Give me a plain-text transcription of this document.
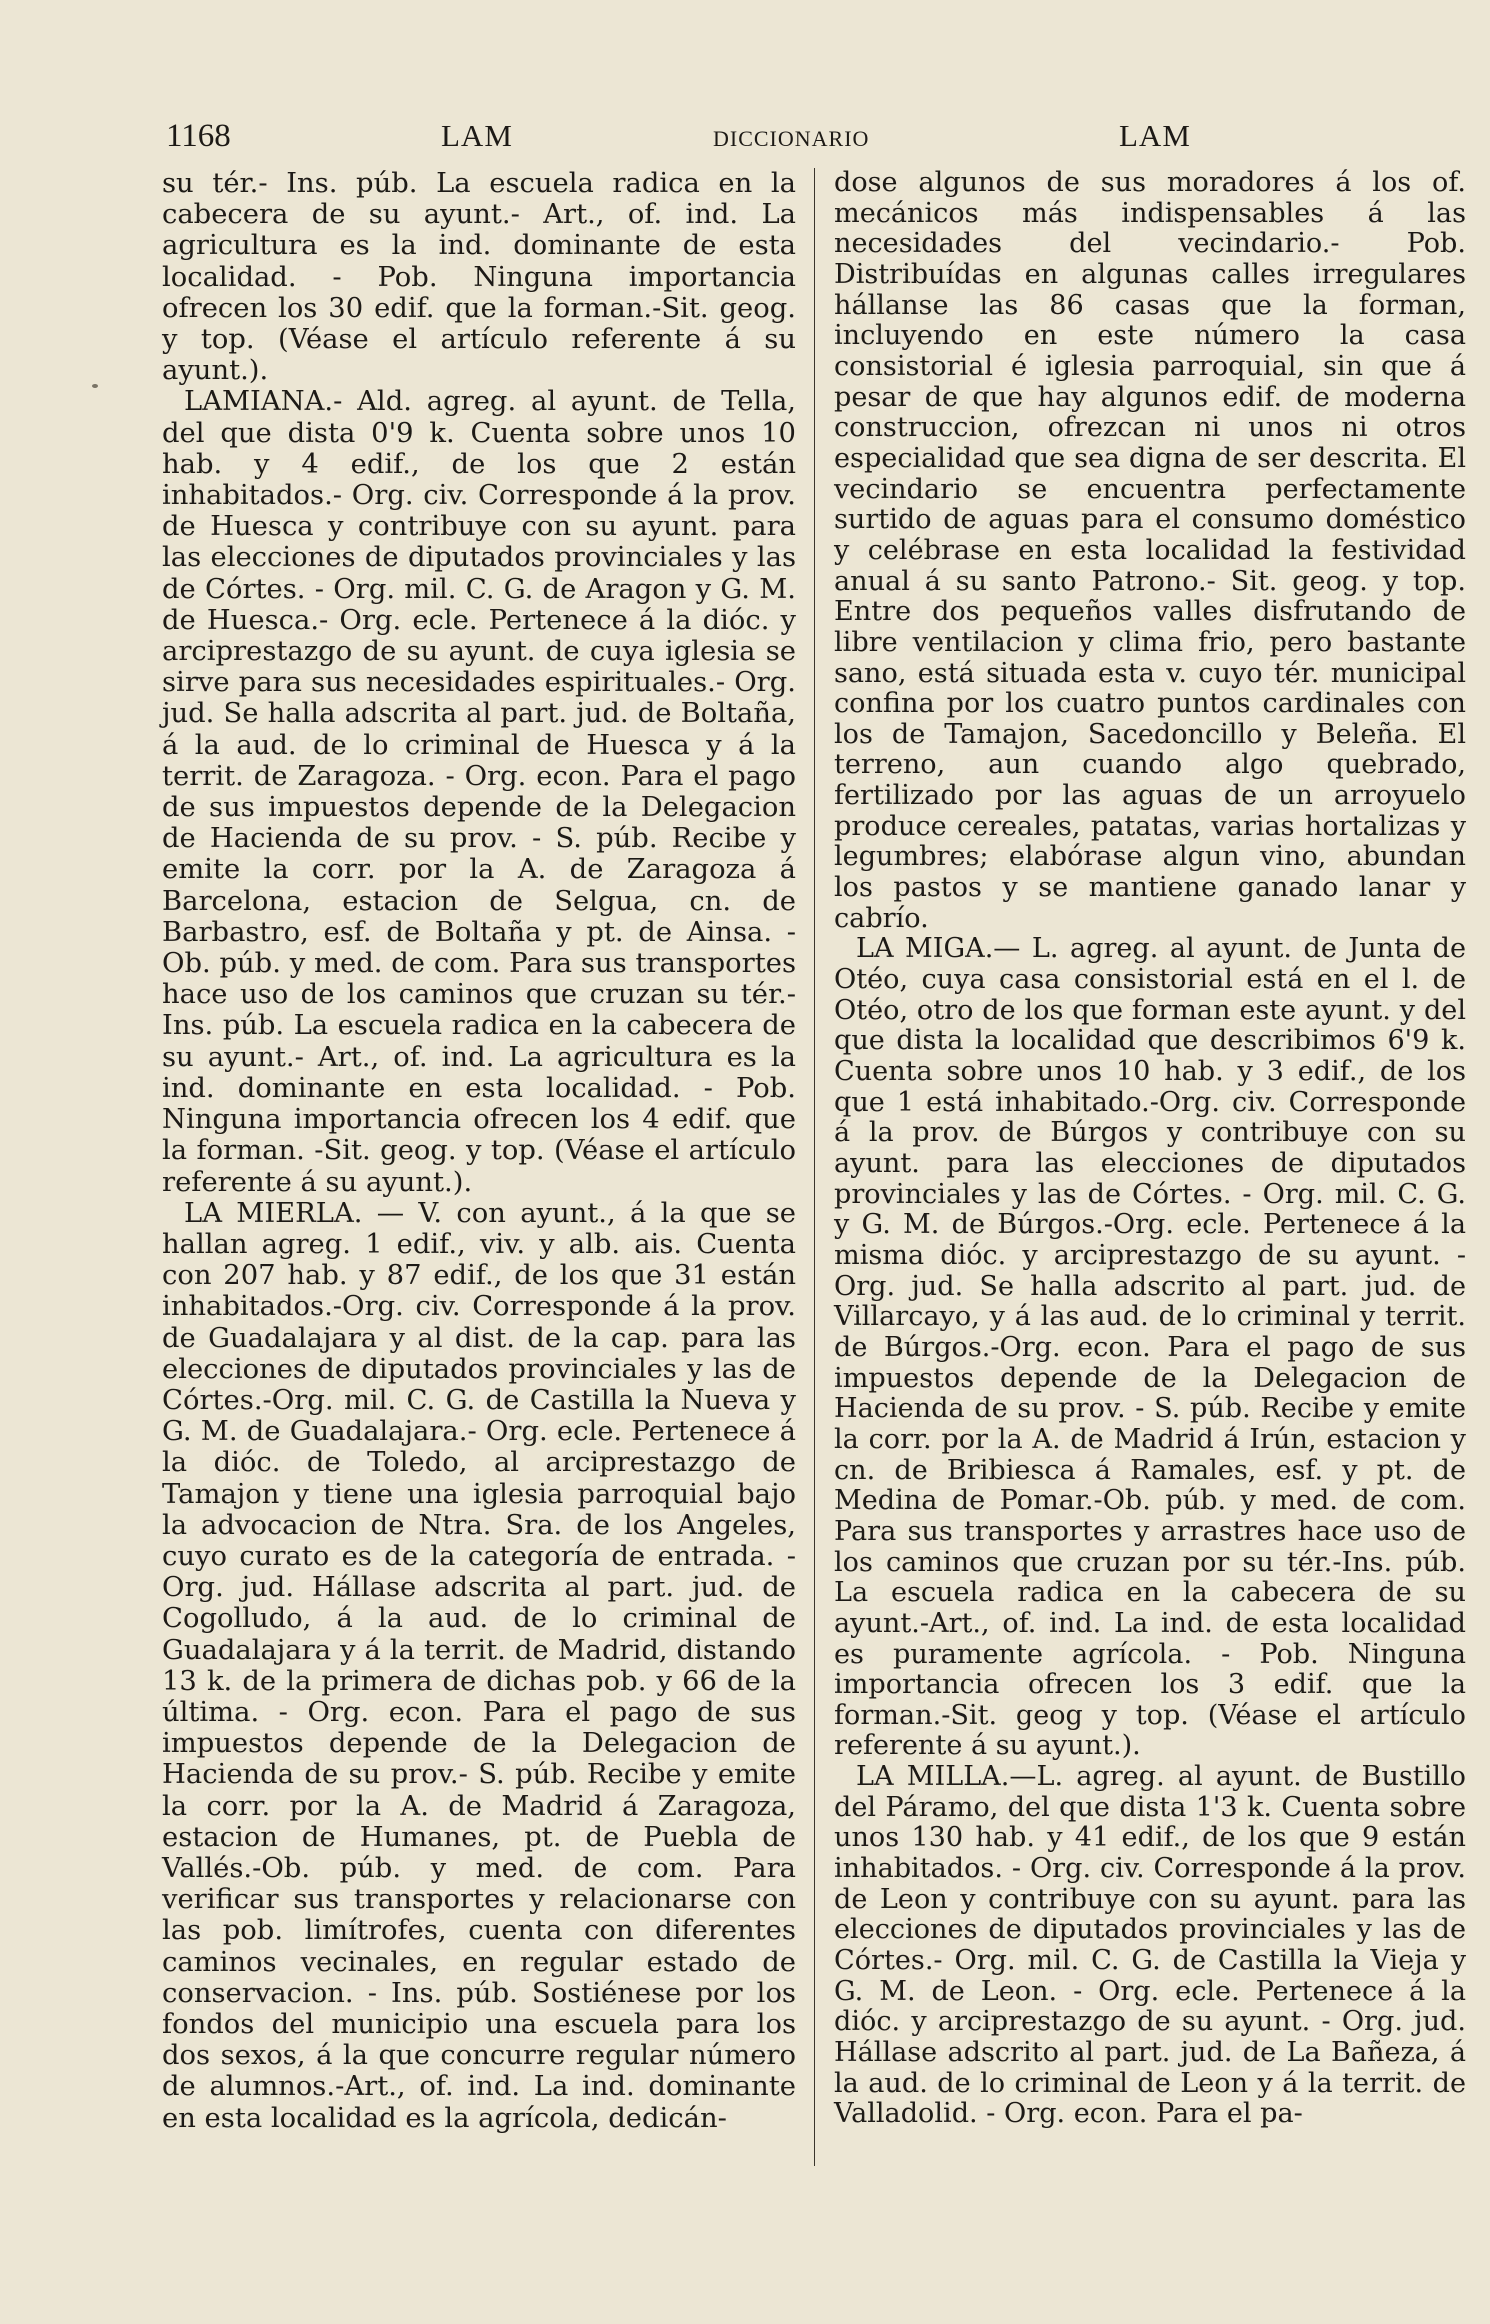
1168	LAM	DICCIONARIO	LAM

su tér.- Ins. púb. La escuela radica en la cabecera de su ayunt.- Art., of. ind. La agricultura es la ind. dominante de esta localidad. - Pob. Ninguna importancia ofrecen los 30 edif. que la forman.-Sit. geog. y top. (Véase el artículo referente á su ayunt.).

LAMIANA.- Ald. agreg. al ayunt. de Tella, del que dista 0'9 k. Cuenta sobre unos 10 hab. y 4 edif., de los que 2 están inhabitados.- Org. civ. Corresponde á la prov. de Huesca y contribuye con su ayunt. para las elecciones de diputados provinciales y las de Córtes. - Org. mil. C. G. de Aragon y G. M. de Huesca.- Org. ecle. Pertenece á la dióc. y arciprestazgo de su ayunt. de cuya iglesia se sirve para sus necesidades espirituales.- Org. jud. Se halla adscrita al part. jud. de Boltaña, á la aud. de lo criminal de Huesca y á la territ. de Zaragoza. - Org. econ. Para el pago de sus impuestos depende de la Delegacion de Hacienda de su prov. - S. púb. Recibe y emite la corr. por la A. de Zaragoza á Barcelona, estacion de Selgua, cn. de Barbastro, esf. de Boltaña y pt. de Ainsa. - Ob. púb. y med. de com. Para sus transportes hace uso de los caminos que cruzan su tér.- Ins. púb. La escuela radica en la cabecera de su ayunt.- Art., of. ind. La agricultura es la ind. dominante en esta localidad. - Pob. Ninguna importancia ofrecen los 4 edif. que la forman. -Sit. geog. y top. (Véase el artículo referente á su ayunt.).

LA MIERLA. — V. con ayunt., á la que se hallan agreg. 1 edif., viv. y alb. ais. Cuenta con 207 hab. y 87 edif., de los que 31 están inhabitados.-Org. civ. Corresponde á la prov. de Guadalajara y al dist. de la cap. para las elecciones de diputados provinciales y las de Córtes.-Org. mil. C. G. de Castilla la Nueva y G. M. de Guadalajara.- Org. ecle. Pertenece á la dióc. de Toledo, al arciprestazgo de Tamajon y tiene una iglesia parroquial bajo la advocacion de Ntra. Sra. de los Angeles, cuyo curato es de la categoría de entrada. - Org. jud. Hállase adscrita al part. jud. de Cogolludo, á la aud. de lo criminal de Guadalajara y á la territ. de Madrid, distando 13 k. de la primera de dichas pob. y 66 de la última. - Org. econ. Para el pago de sus impuestos depende de la Delegacion de Hacienda de su prov.- S. púb. Recibe y emite la corr. por la A. de Madrid á Zaragoza, estacion de Humanes, pt. de Puebla de Vallés.-Ob. púb. y med. de com. Para verificar sus transportes y relacionarse con las pob. limítrofes, cuenta con diferentes caminos vecinales, en regular estado de conservacion. - Ins. púb. Sostiénese por los fondos del municipio una escuela para los dos sexos, á la que concurre regular número de alumnos.-Art., of. ind. La ind. dominante en esta localidad es la agrícola, dedicán-

dose algunos de sus moradores á los of. mecánicos más indispensables á las necesidades del vecindario.- Pob. Distribuídas en algunas calles irregulares hállanse las 86 casas que la forman, incluyendo en este número la casa consistorial é iglesia parroquial, sin que á pesar de que hay algunos edif. de moderna construccion, ofrezcan ni unos ni otros especialidad que sea digna de ser descrita. El vecindario se encuentra perfectamente surtido de aguas para el consumo doméstico y celébrase en esta localidad la festividad anual á su santo Patrono.- Sit. geog. y top. Entre dos pequeños valles disfrutando de libre ventilacion y clima frio, pero bastante sano, está situada esta v. cuyo tér. municipal confina por los cuatro puntos cardinales con los de Tamajon, Sacedoncillo y Beleña. El terreno, aun cuando algo quebrado, fertilizado por las aguas de un arroyuelo produce cereales, patatas, varias hortalizas y legumbres; elabórase algun vino, abundan los pastos y se mantiene ganado lanar y cabrío.

LA MIGA.— L. agreg. al ayunt. de Junta de Otéo, cuya casa consistorial está en el l. de Otéo, otro de los que forman este ayunt. y del que dista la localidad que describimos 6'9 k. Cuenta sobre unos 10 hab. y 3 edif., de los que 1 está inhabitado.-Org. civ. Corresponde á la prov. de Búrgos y contribuye con su ayunt. para las elecciones de diputados provinciales y las de Córtes. - Org. mil. C. G. y G. M. de Búrgos.-Org. ecle. Pertenece á la misma dióc. y arciprestazgo de su ayunt. - Org. jud. Se halla adscrito al part. jud. de Villarcayo, y á las aud. de lo criminal y territ. de Búrgos.-Org. econ. Para el pago de sus impuestos depende de la Delegacion de Hacienda de su prov. - S. púb. Recibe y emite la corr. por la A. de Madrid á Irún, estacion y cn. de Bribiesca á Ramales, esf. y pt. de Medina de Pomar.-Ob. púb. y med. de com. Para sus transportes y arrastres hace uso de los caminos que cruzan por su tér.-Ins. púb. La escuela radica en la cabecera de su ayunt.-Art., of. ind. La ind. de esta localidad es puramente agrícola. - Pob. Ninguna importancia ofrecen los 3 edif. que la forman.-Sit. geog y top. (Véase el artículo referente á su ayunt.).

LA MILLA.—L. agreg. al ayunt. de Bustillo del Páramo, del que dista 1'3 k. Cuenta sobre unos 130 hab. y 41 edif., de los que 9 están inhabitados. - Org. civ. Corresponde á la prov. de Leon y contribuye con su ayunt. para las elecciones de diputados provinciales y las de Córtes.- Org. mil. C. G. de Castilla la Vieja y G. M. de Leon. - Org. ecle. Pertenece á la dióc. y arciprestazgo de su ayunt. - Org. jud. Hállase adscrito al part. jud. de La Bañeza, á la aud. de lo criminal de Leon y á la territ. de Valladolid. - Org. econ. Para el pa-
